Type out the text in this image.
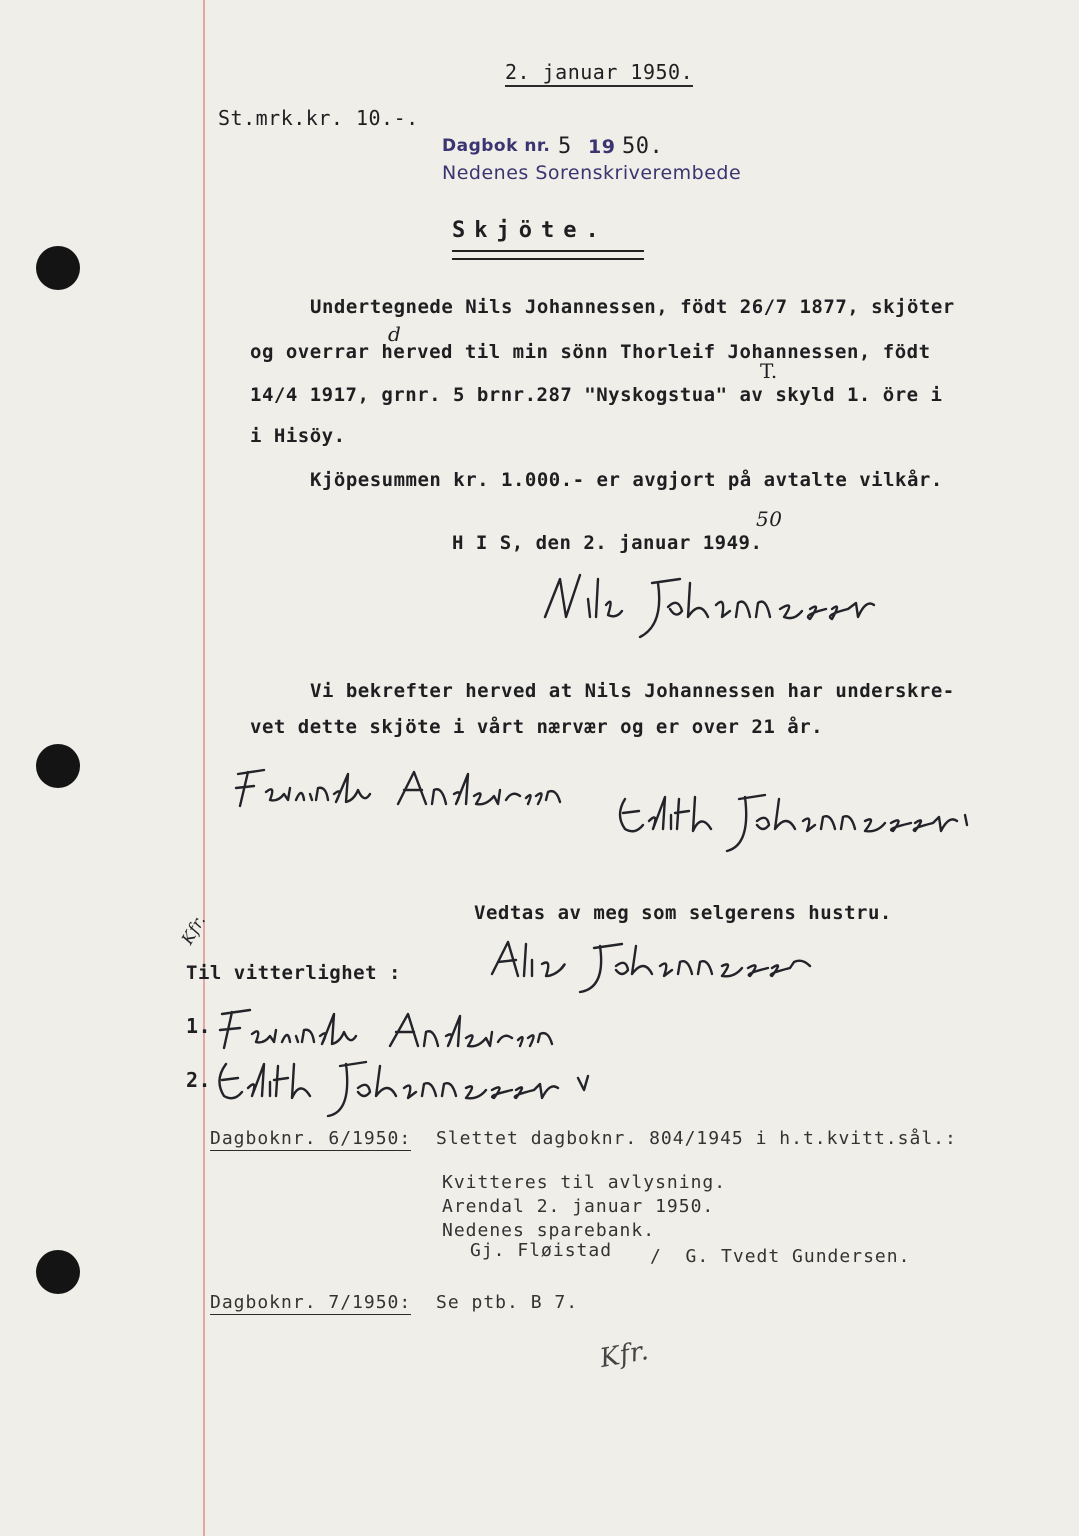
2. januar 1950.
St.mrk.kr. 10.-.
Dagbok nr. 5 19 50.
Nedenes Sorenskriverembede
Skjöte.
Undertegnede Nils Johannessen, födt 26/7 1877, skjöter
d
og overrar herved til min sönn Thorleif Johannessen, födt
T.
14/4 1917, grnr. 5 brnr.287 "Nyskogstua" av skyld 1. öre i
i Hisöy.
Kjöpesummen kr. 1.000.- er avgjort på avtalte vilkår.
50
H I S, den 2. januar 1949.
Vi bekrefter herved at Nils Johannessen har underskre-
vet dette skjöte i vårt nærvær og er over 21 år.
Vedtas av meg som selgerens hustru.
Kfr.
Til vitterlighet :
1.
2.
Dagboknr. 6/1950: Slettet dagboknr. 804/1945 i h.t.kvitt.sål.:
Kvitteres til avlysning.
Arendal 2. januar 1950.
Nedenes sparebank.
Gj. Fløistad /  G. Tvedt Gundersen.
Dagboknr. 7/1950: Se ptb. B 7.
Kfr.
